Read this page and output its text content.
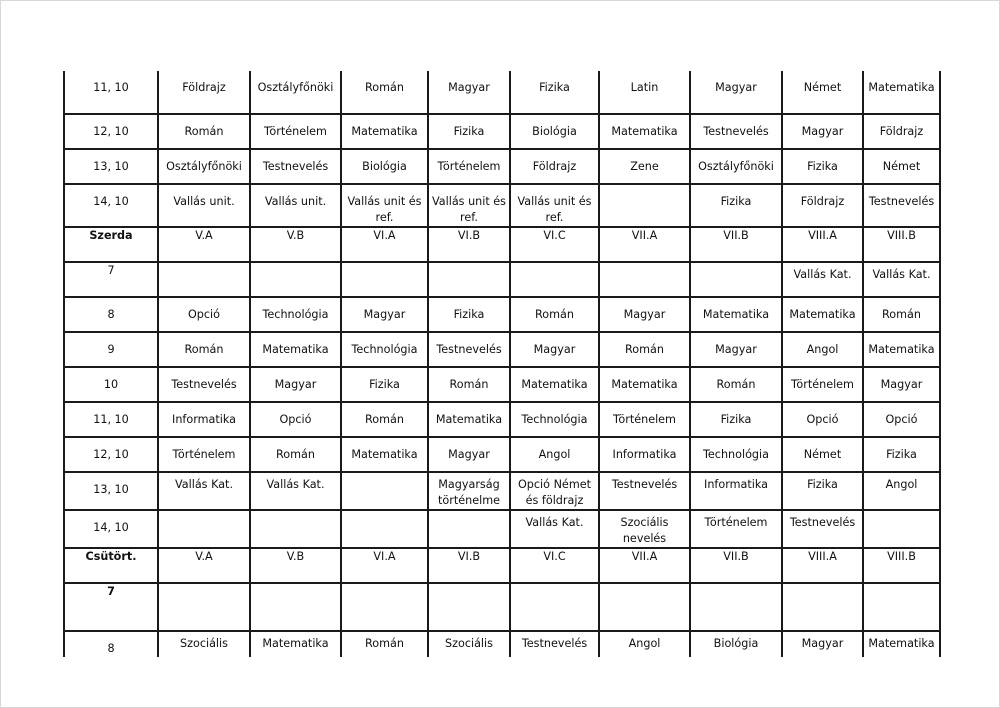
11, 10	Földrajz	Osztályfőnöki	Román	Magyar	Fizika	Latin	Magyar	Német	Matematika

12, 10	Román	Történelem	Matematika	Fizika	Biológia	Matematika	Testnevelés	Magyar	Földrajz

13, 10	Osztályfőnöki	Testnevelés	Biológia	Történelem	Földrajz	Zene	Osztályfőnöki	Fizika	Német

14, 10	Vallás unit.	Vallás unit.	Vallás unit és ref.	Vallás unit és ref.	Vallás unit és ref.		Fizika	Földrajz	Testnevelés

Szerda	V.A	V.B	VI.A	VI.B	VI.C	VII.A	VII.B	VIII.A	VIII.B
7								Vallás Kat.	Vallás Kat.

8	Opció	Technológia	Magyar	Fizika	Román	Magyar	Matematika	Matematika	Román

9	Román	Matematika	Technológia	Testnevelés	Magyar	Román	Magyar	Angol	Matematika

10	Testnevelés	Magyar	Fizika	Román	Matematika	Matematika	Román	Történelem	Magyar

11, 10	Informatika	Opció	Román	Matematika	Technológia	Történelem	Fizika	Opció	Opció

12, 10	Történelem	Román	Matematika	Magyar	Angol	Informatika	Technológia	Német	Fizika

13, 10	Vallás Kat.	Vallás Kat.		Magyarság történelme	Opció Német és földrajz	Testnevelés	Informatika	Fizika	Angol

14, 10					Vallás Kat.	Szociális nevelés	Történelem	Testnevelés	

Csütört.	V.A	V.B	VI.A	VI.B	VI.C	VII.A	VII.B	VIII.A	VIII.B
7	

8	Szociális	Matematika	Román	Szociális	Testnevelés	Angol	Biológia	Magyar	Matematika
